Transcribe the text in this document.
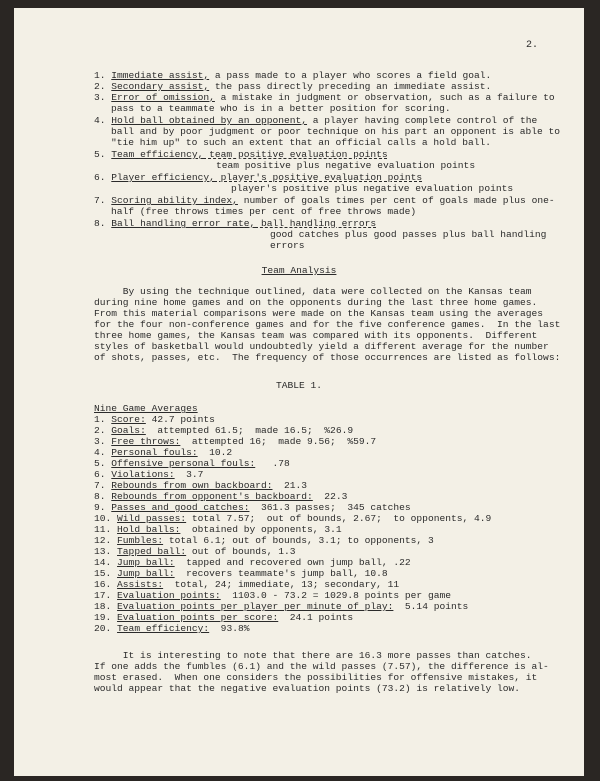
2.
1. Immediate assist, a pass made to a player who scores a field goal.
2. Secondary assist, the pass directly preceding an immediate assist.
3. Error of omission, a mistake in judgment or observation, such as a failure to
pass to a teammate who is in a better position for scoring.
4. Hold ball obtained by an opponent, a player having complete control of the
ball and by poor judgment or poor technique on his part an opponent is able to
"tie him up" to such an extent that an official calls a hold ball.
5. Team efficiency, team positive evaluation points
team positive plus negative evaluation points
6. Player efficiency, player's positive evaluation points
player's positive plus negative evaluation points
7. Scoring ability index, number of goals times per cent of goals made plus one-
half (free throws times per cent of free throws made)
8. Ball handling error rate, ball handling errors
good catches plus good passes plus ball handling
errors
Team Analysis
By using the technique outlined, data were collected on the Kansas team
during nine home games and on the opponents during the last three home games.
From this material comparisons were made on the Kansas team using the averages
for the four non-conference games and for the five conference games.  In the last
three home games, the Kansas team was compared with its opponents.  Different
styles of basketball would undoubtedly yield a different average for the number
of shots, passes, etc.  The frequency of those occurrences are listed as follows:
TABLE 1.
Nine Game Averages
1. Score: 42.7 points
2. Goals:  attempted 61.5;  made 16.5;  %26.9
3. Free throws:  attempted 16;  made 9.56;  %59.7
4. Personal fouls:  10.2
5. Offensive personal fouls:   .78
6. Violations:  3.7
7. Rebounds from own backboard:  21.3
8. Rebounds from opponent's backboard:  22.3
9. Passes and good catches:  361.3 passes;  345 catches
10. Wild passes: total 7.57;  out of bounds, 2.67;  to opponents, 4.9
11. Hold balls:  obtained by opponents, 3.1
12. Fumbles: total 6.1; out of bounds, 3.1; to opponents, 3
13. Tapped ball: out of bounds, 1.3
14. Jump ball:  tapped and recovered own jump ball, .22
15. Jump ball:  recovers teammate's jump ball, 10.8
16. Assists:  total, 24; immediate, 13; secondary, 11
17. Evaluation points:  1103.0 - 73.2 = 1029.8 points per game
18. Evaluation points per player per minute of play:  5.14 points
19. Evaluation points per score:  24.1 points
20. Team efficiency:  93.8%
It is interesting to note that there are 16.3 more passes than catches.
If one adds the fumbles (6.1) and the wild passes (7.57), the difference is al-
most erased.  When one considers the possibilities for offensive mistakes, it
would appear that the negative evaluation points (73.2) is relatively low.
